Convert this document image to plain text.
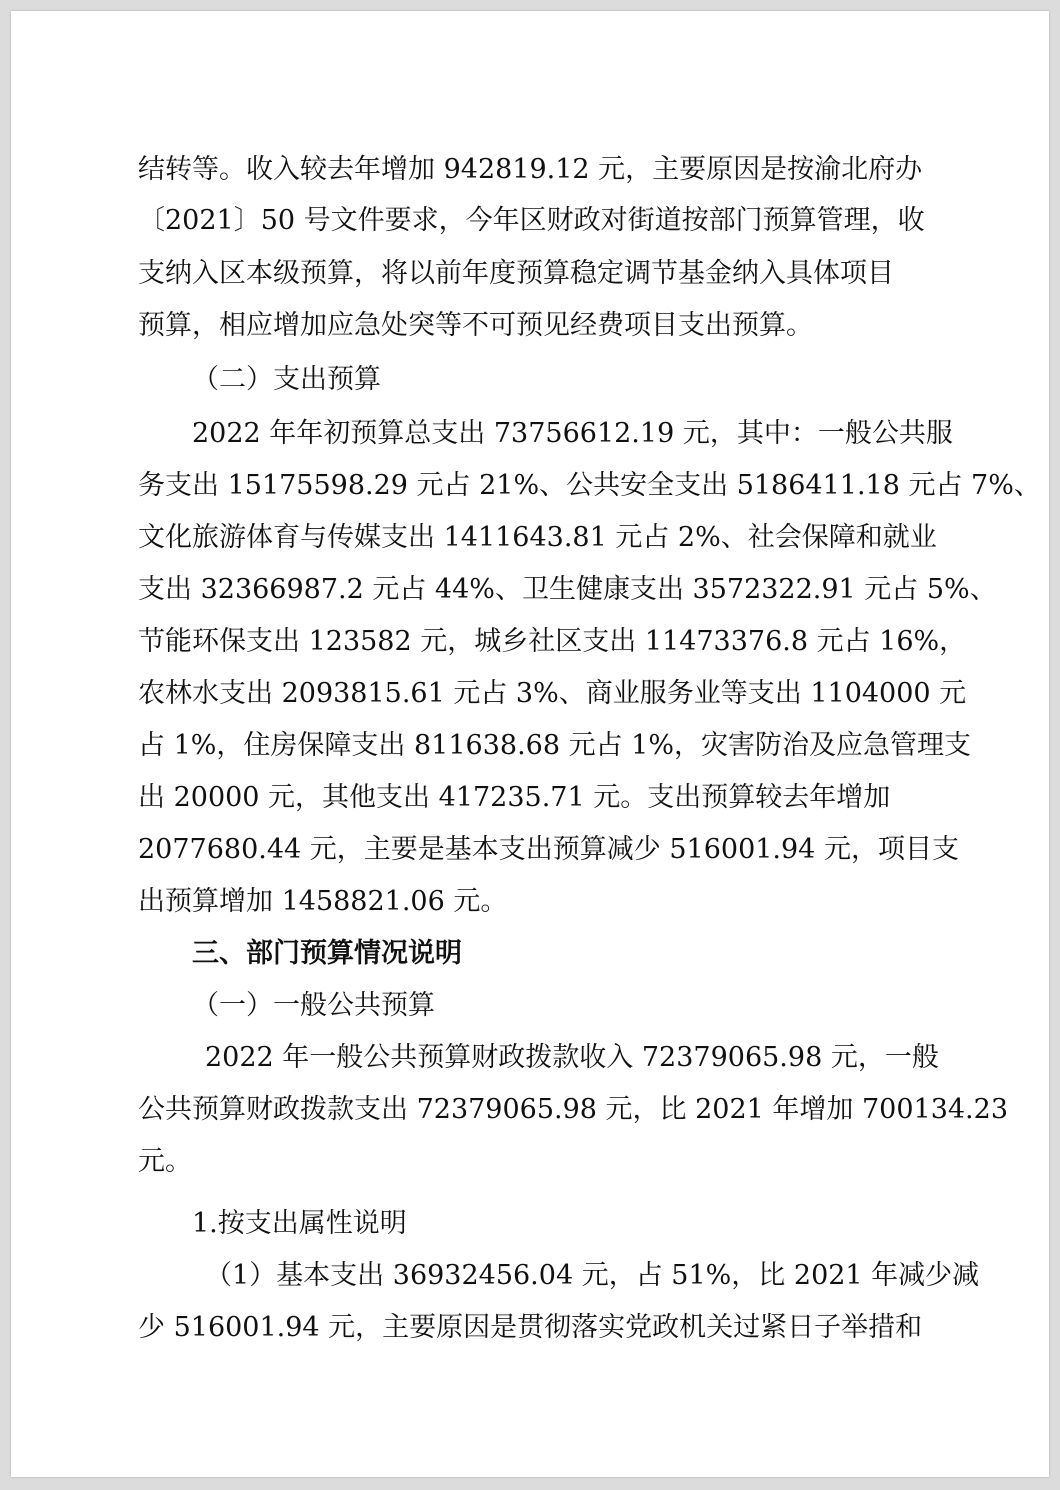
结转等。收入较去年增加 942819.12 元，主要原因是按渝北府办
〔2021〕50 号文件要求，今年区财政对街道按部门预算管理，收
支纳入区本级预算，将以前年度预算稳定调节基金纳入具体项目
预算，相应增加应急处突等不可预见经费项目支出预算。
（二）支出预算
2022 年年初预算总支出 73756612.19 元，其中：一般公共服
务支出 15175598.29 元占 21%、公共安全支出 5186411.18 元占 7%、
文化旅游体育与传媒支出 1411643.81 元占 2%、社会保障和就业
支出 32366987.2 元占 44%、卫生健康支出 3572322.91 元占 5%、
节能环保支出 123582 元，城乡社区支出 11473376.8 元占 16%，
农林水支出 2093815.61 元占 3%、商业服务业等支出 1104000 元
占 1%，住房保障支出 811638.68 元占 1%，灾害防治及应急管理支
出 20000 元，其他支出 417235.71 元。支出预算较去年增加
2077680.44 元，主要是基本支出预算减少 516001.94 元，项目支
出预算增加 1458821.06 元。
三、部门预算情况说明
（一）一般公共预算
2022 年一般公共预算财政拨款收入 72379065.98 元，一般
公共预算财政拨款支出 72379065.98 元，比 2021 年增加 700134.23
元。
1.按支出属性说明
（1）基本支出 36932456.04 元，占 51%，比 2021 年减少减
少 516001.94 元，主要原因是贯彻落实党政机关过紧日子举措和
